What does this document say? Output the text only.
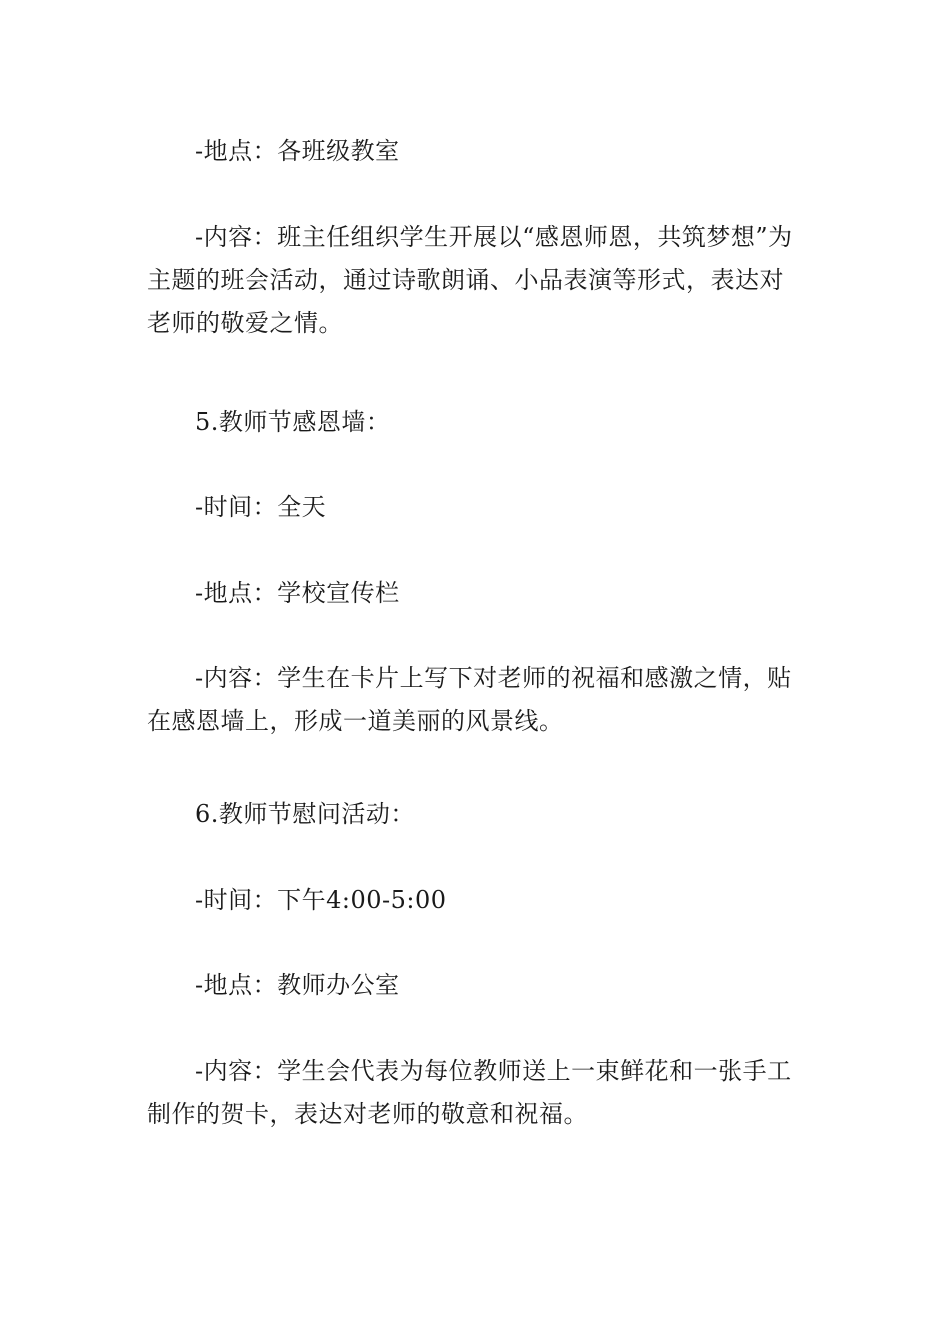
-地点：各班级教室

-内容：班主任组织学生开展以“感恩师恩，共筑梦想”为主题的班会活动，通过诗歌朗诵、小品表演等形式，表达对老师的敬爱之情。

5.教师节感恩墙：

-时间：全天

-地点：学校宣传栏

-内容：学生在卡片上写下对老师的祝福和感激之情，贴在感恩墙上，形成一道美丽的风景线。

6.教师节慰问活动：

-时间：下午4:00-5:00

-地点：教师办公室

-内容：学生会代表为每位教师送上一束鲜花和一张手工制作的贺卡，表达对老师的敬意和祝福。
